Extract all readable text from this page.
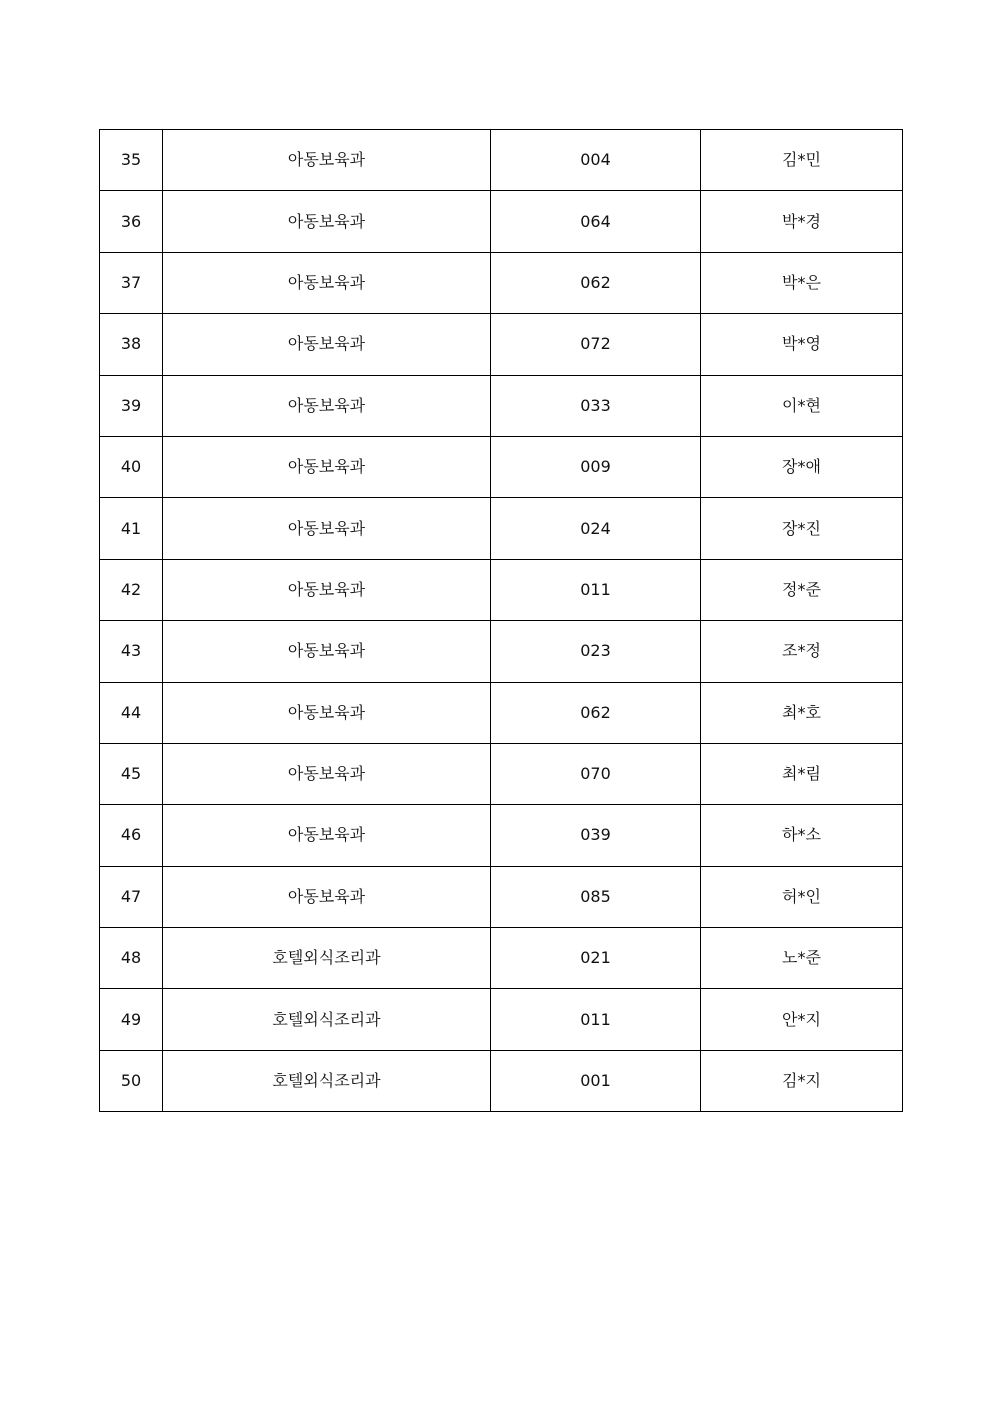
35	아동보육과	004	김*민
36	아동보육과	064	박*경
37	아동보육과	062	박*은
38	아동보육과	072	박*영
39	아동보육과	033	이*현
40	아동보육과	009	장*애
41	아동보육과	024	장*진
42	아동보육과	011	정*준
43	아동보육과	023	조*정
44	아동보육과	062	최*호
45	아동보육과	070	최*림
46	아동보육과	039	하*소
47	아동보육과	085	허*인
48	호텔외식조리과	021	노*준
49	호텔외식조리과	011	안*지
50	호텔외식조리과	001	김*지
